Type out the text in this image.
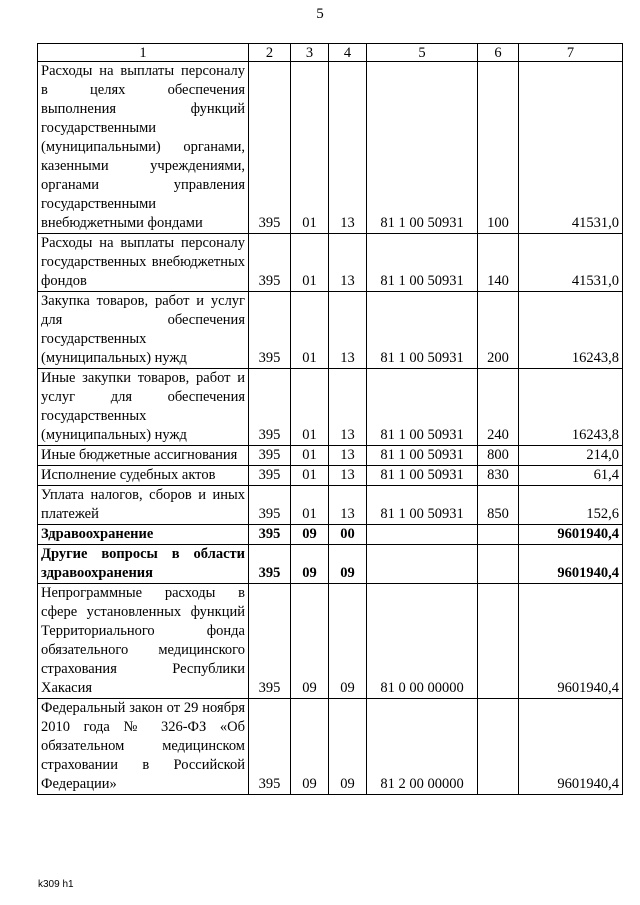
5
1	2	3	4	5	6	7
Расходы на выплаты персоналу в целях обеспечения выполнения функций государственными (муниципальными) органами, казенными учреждениями, органами управления государственными внебюджетными фондами	395	01	13	81 1 00 50931	100	41531,0
Расходы на выплаты персоналу государственных внебюджетных фондов	395	01	13	81 1 00 50931	140	41531,0
Закупка товаров, работ и услуг для обеспечения государственных (муниципальных) нужд	395	01	13	81 1 00 50931	200	16243,8
Иные закупки товаров, работ и услуг для обеспечения государственных (муниципальных) нужд	395	01	13	81 1 00 50931	240	16243,8
Иные бюджетные ассигнования	395	01	13	81 1 00 50931	800	214,0
Исполнение судебных актов	395	01	13	81 1 00 50931	830	61,4
Уплата налогов, сборов и иных платежей	395	01	13	81 1 00 50931	850	152,6
Здравоохранение	395	09	00			9601940,4
Другие вопросы в области здравоохранения	395	09	09			9601940,4
Непрограммные расходы в сфере установленных функций Территориального фонда обязательного медицинского страхования Республики Хакасия	395	09	09	81 0 00 00000		9601940,4
Федеральный закон от 29 ноября 2010 года № 326-ФЗ «Об обязательном медицинском страховании в Российской Федерации»	395	09	09	81 2 00 00000		9601940,4
k309 h1
